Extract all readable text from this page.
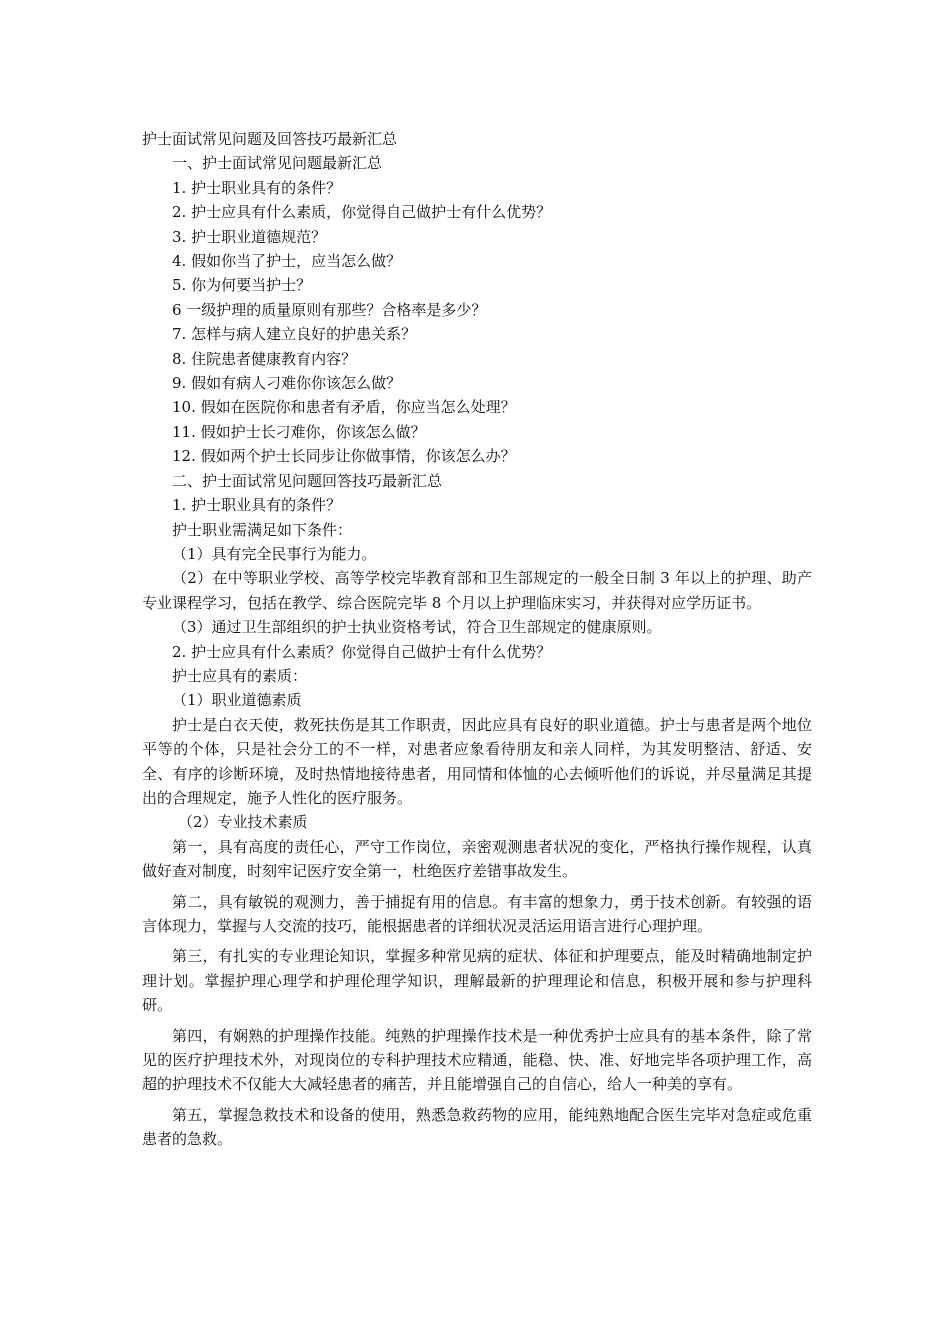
护士面试常见问题及回答技巧最新汇总

一、护士面试常见问题最新汇总

1. 护士职业具有的条件？

2. 护士应具有什么素质，你觉得自己做护士有什么优势？

3. 护士职业道德规范？

4. 假如你当了护士，应当怎么做？

5. 你为何要当护士？

6 一级护理的质量原则有那些？合格率是多少？

7. 怎样与病人建立良好的护患关系？

8. 住院患者健康教育内容？

9. 假如有病人刁难你你该怎么做？

10. 假如在医院你和患者有矛盾，你应当怎么处理？

11. 假如护士长刁难你，你该怎么做？

12. 假如两个护士长同步让你做事情，你该怎么办？

二、护士面试常见问题回答技巧最新汇总

1. 护士职业具有的条件？

护士职业需满足如下条件：

（1）具有完全民事行为能力。

（2）在中等职业学校、高等学校完毕教育部和卫生部规定的一般全日制 3 年以上的护理、助产专业课程学习，包括在教学、综合医院完毕 8 个月以上护理临床实习，并获得对应学历证书。

（3）通过卫生部组织的护士执业资格考试，符合卫生部规定的健康原则。

2. 护士应具有什么素质？你觉得自己做护士有什么优势？

护士应具有的素质：

（1）职业道德素质

护士是白衣天使，救死扶伤是其工作职责，因此应具有良好的职业道德。护士与患者是两个地位平等的个体，只是社会分工的不一样，对患者应象看待朋友和亲人同样，为其发明整洁、舒适、安全、有序的诊断环境，及时热情地接待患者，用同情和体恤的心去倾听他们的诉说，并尽量满足其提出的合理规定，施予人性化的医疗服务。

（2）专业技术素质

第一，具有高度的责任心，严守工作岗位，亲密观测患者状况的变化，严格执行操作规程，认真做好查对制度，时刻牢记医疗安全第一，杜绝医疗差错事故发生。

第二，具有敏锐的观测力，善于捕捉有用的信息。有丰富的想象力，勇于技术创新。有较强的语言体现力，掌握与人交流的技巧，能根据患者的详细状况灵活运用语言进行心理护理。

第三，有扎实的专业理论知识，掌握多种常见病的症状、体征和护理要点，能及时精确地制定护理计划。掌握护理心理学和护理伦理学知识，理解最新的护理理论和信息，积极开展和参与护理科研。

第四，有娴熟的护理操作技能。纯熟的护理操作技术是一种优秀护士应具有的基本条件，除了常见的医疗护理技术外，对现岗位的专科护理技术应精通，能稳、快、准、好地完毕各项护理工作，高超的护理技术不仅能大大减轻患者的痛苦，并且能增强自己的自信心，给人一种美的享有。

第五，掌握急救技术和设备的使用，熟悉急救药物的应用，能纯熟地配合医生完毕对急症或危重患者的急救。
